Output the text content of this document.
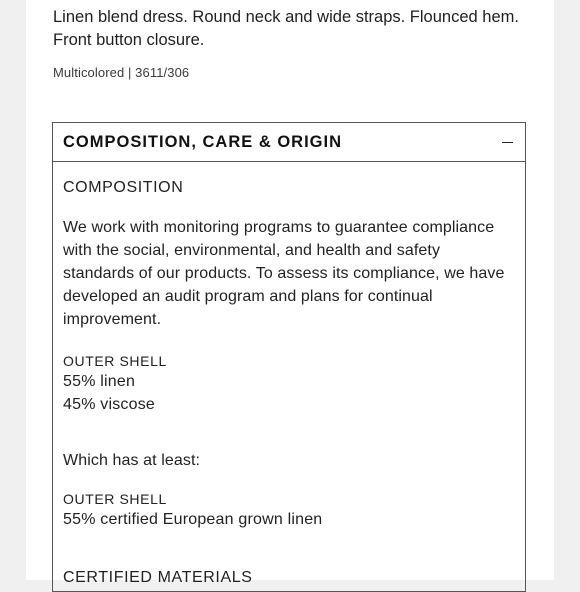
Linen blend dress. Round neck and wide straps. Flounced hem. Front button closure.
Multicolored | 3611/306
COMPOSITION, CARE & ORIGIN
COMPOSITION
We work with monitoring programs to guarantee compliance with the social, environmental, and health and safety standards of our products. To assess its compliance, we have developed an audit program and plans for continual improvement.
OUTER SHELL
55% linen
45% viscose
Which has at least:
OUTER SHELL
55% certified European grown linen
CERTIFIED MATERIALS
